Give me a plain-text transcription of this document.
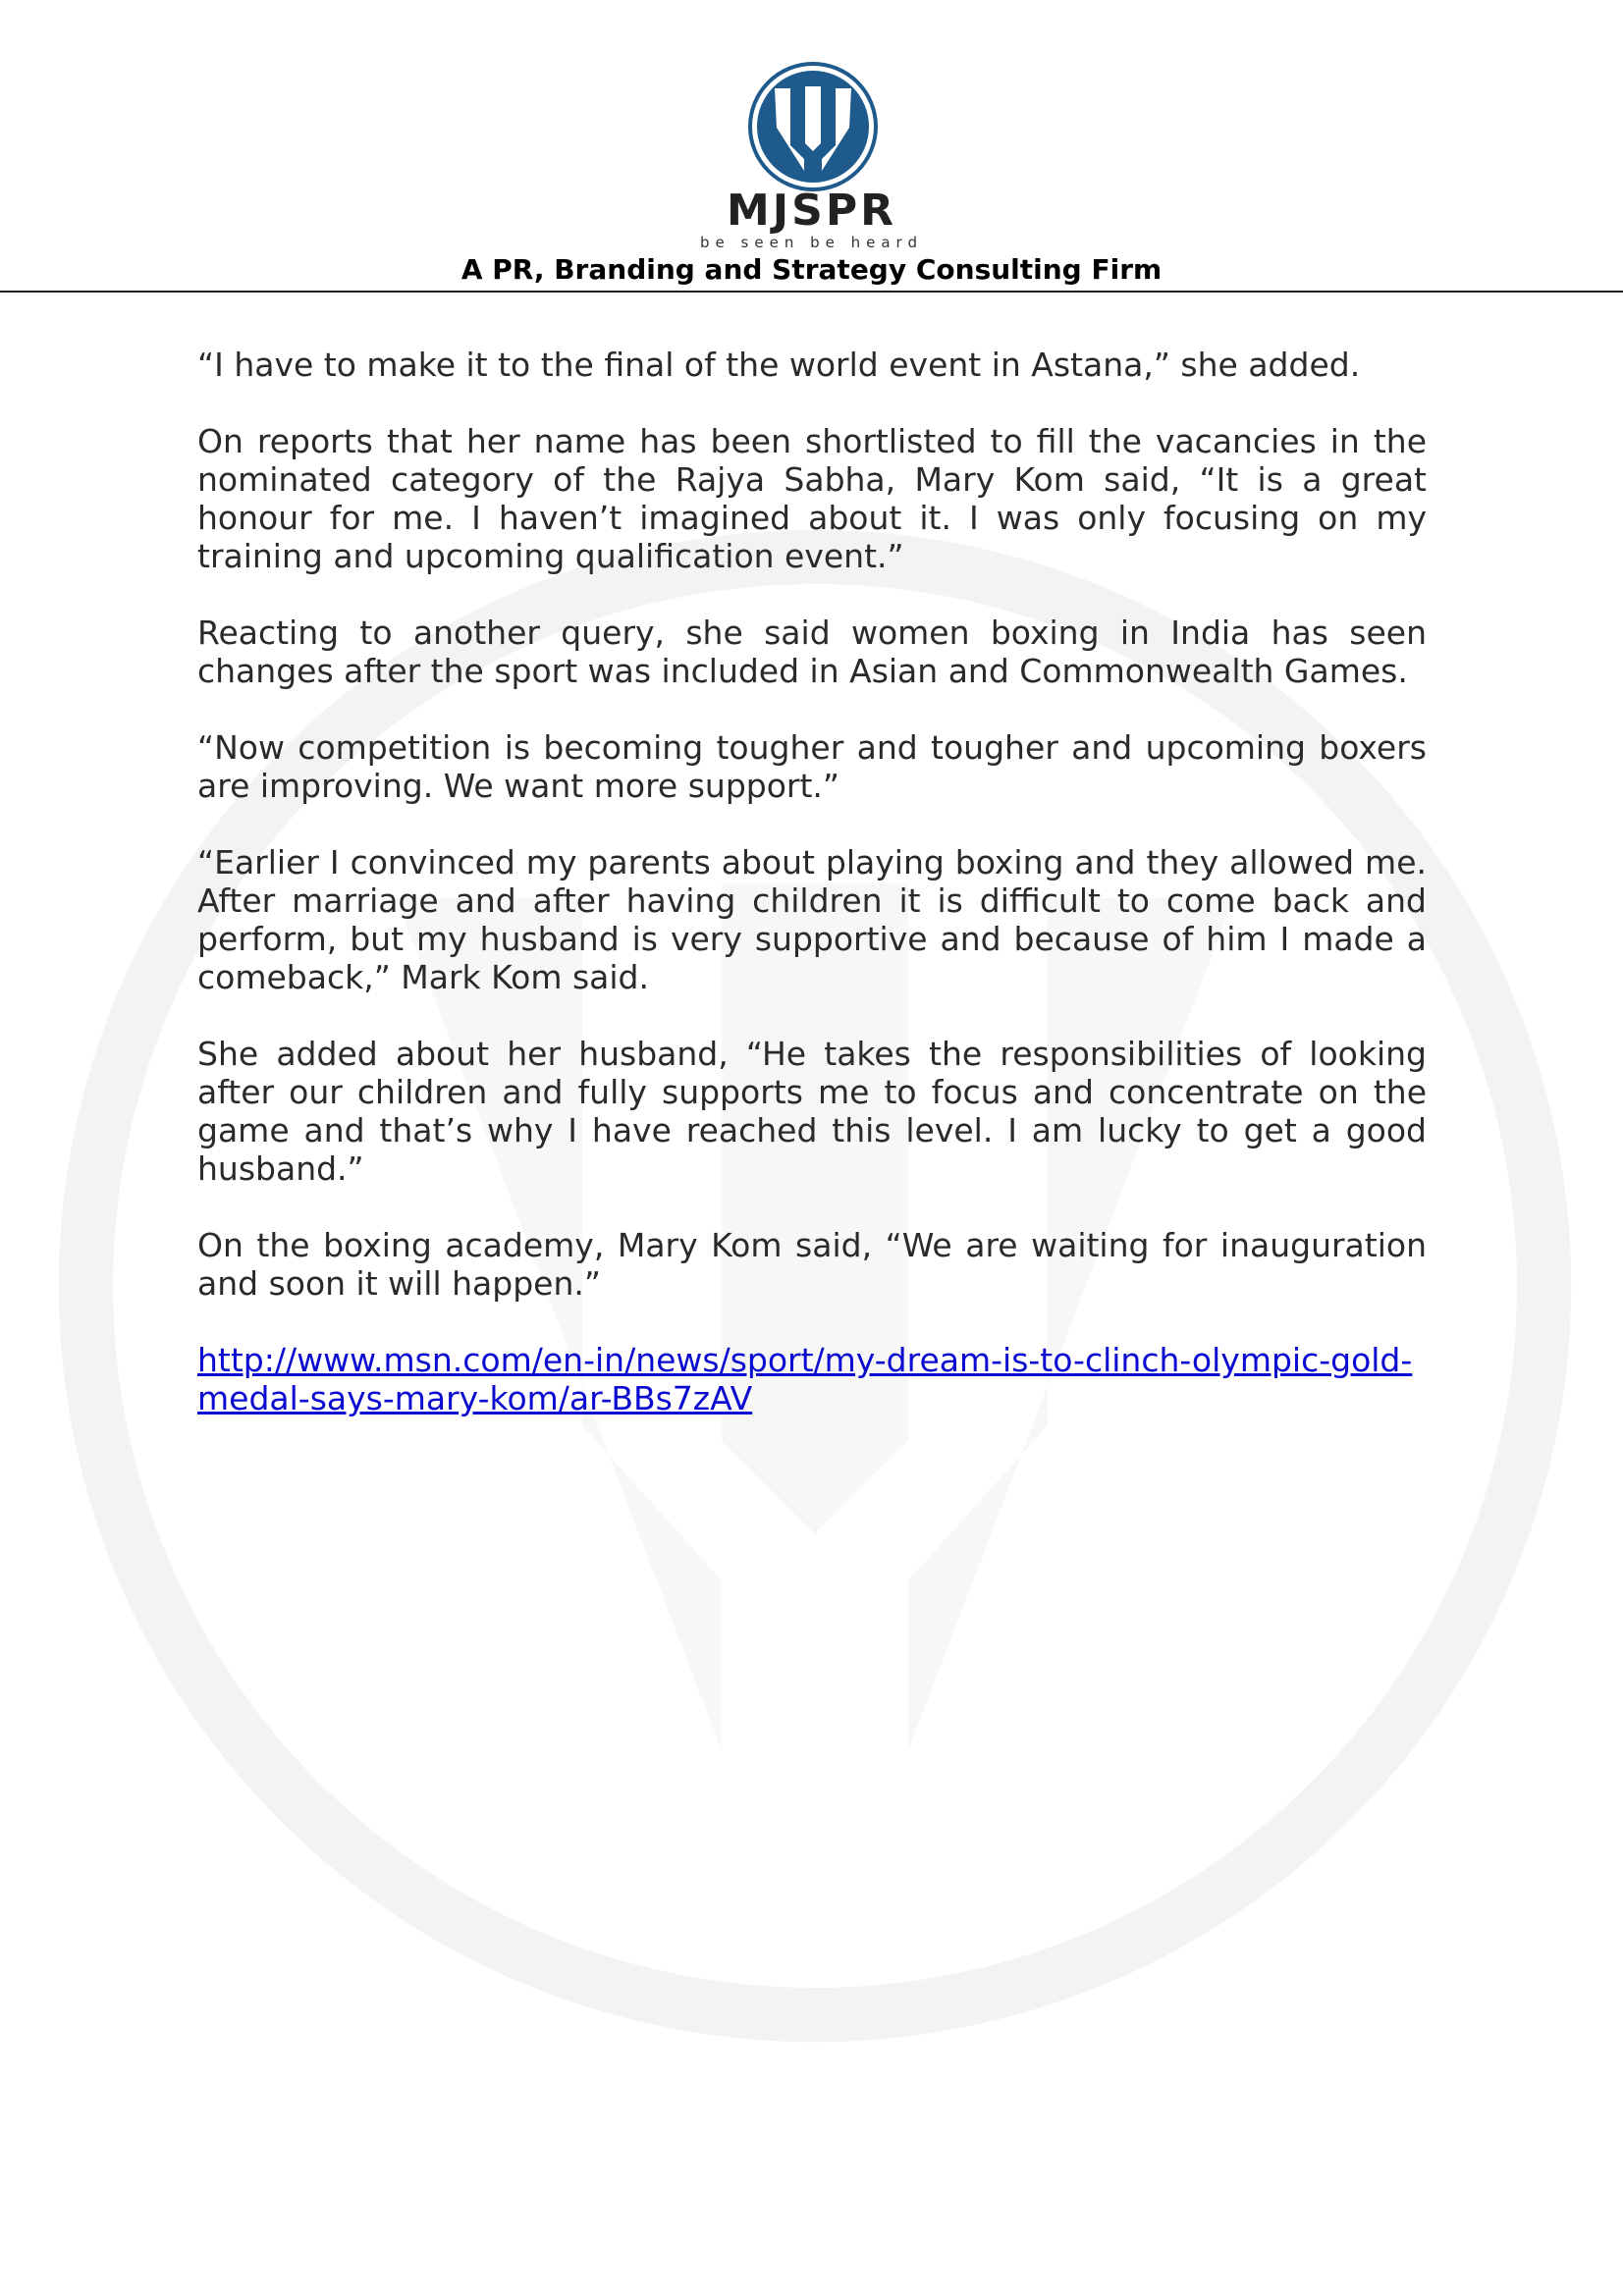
MJSPR
be seen be heard
A PR, Branding and Strategy Consulting Firm

“I have to make it to the final of the world event in Astana,” she added.

On reports that her name has been shortlisted to fill the vacancies in the nominated category of the Rajya Sabha, Mary Kom said, “It is a great honour for me. I haven’t imagined about it. I was only focusing on my training and upcoming qualification event.”

Reacting to another query, she said women boxing in India has seen changes after the sport was included in Asian and Commonwealth Games.

“Now competition is becoming tougher and tougher and upcoming boxers are improving. We want more support.”

“Earlier I convinced my parents about playing boxing and they allowed me. After marriage and after having children it is difficult to come back and perform, but my husband is very supportive and because of him I made a comeback,” Mark Kom said.

She added about her husband, “He takes the responsibilities of looking after our children and fully supports me to focus and concentrate on the game and that’s why I have reached this level. I am lucky to get a good husband.”

On the boxing academy, Mary Kom said, “We are waiting for inauguration and soon it will happen.”

http://www.msn.com/en-in/news/sport/my-dream-is-to-clinch-olympic-gold-medal-says-mary-kom/ar-BBs7zAV
